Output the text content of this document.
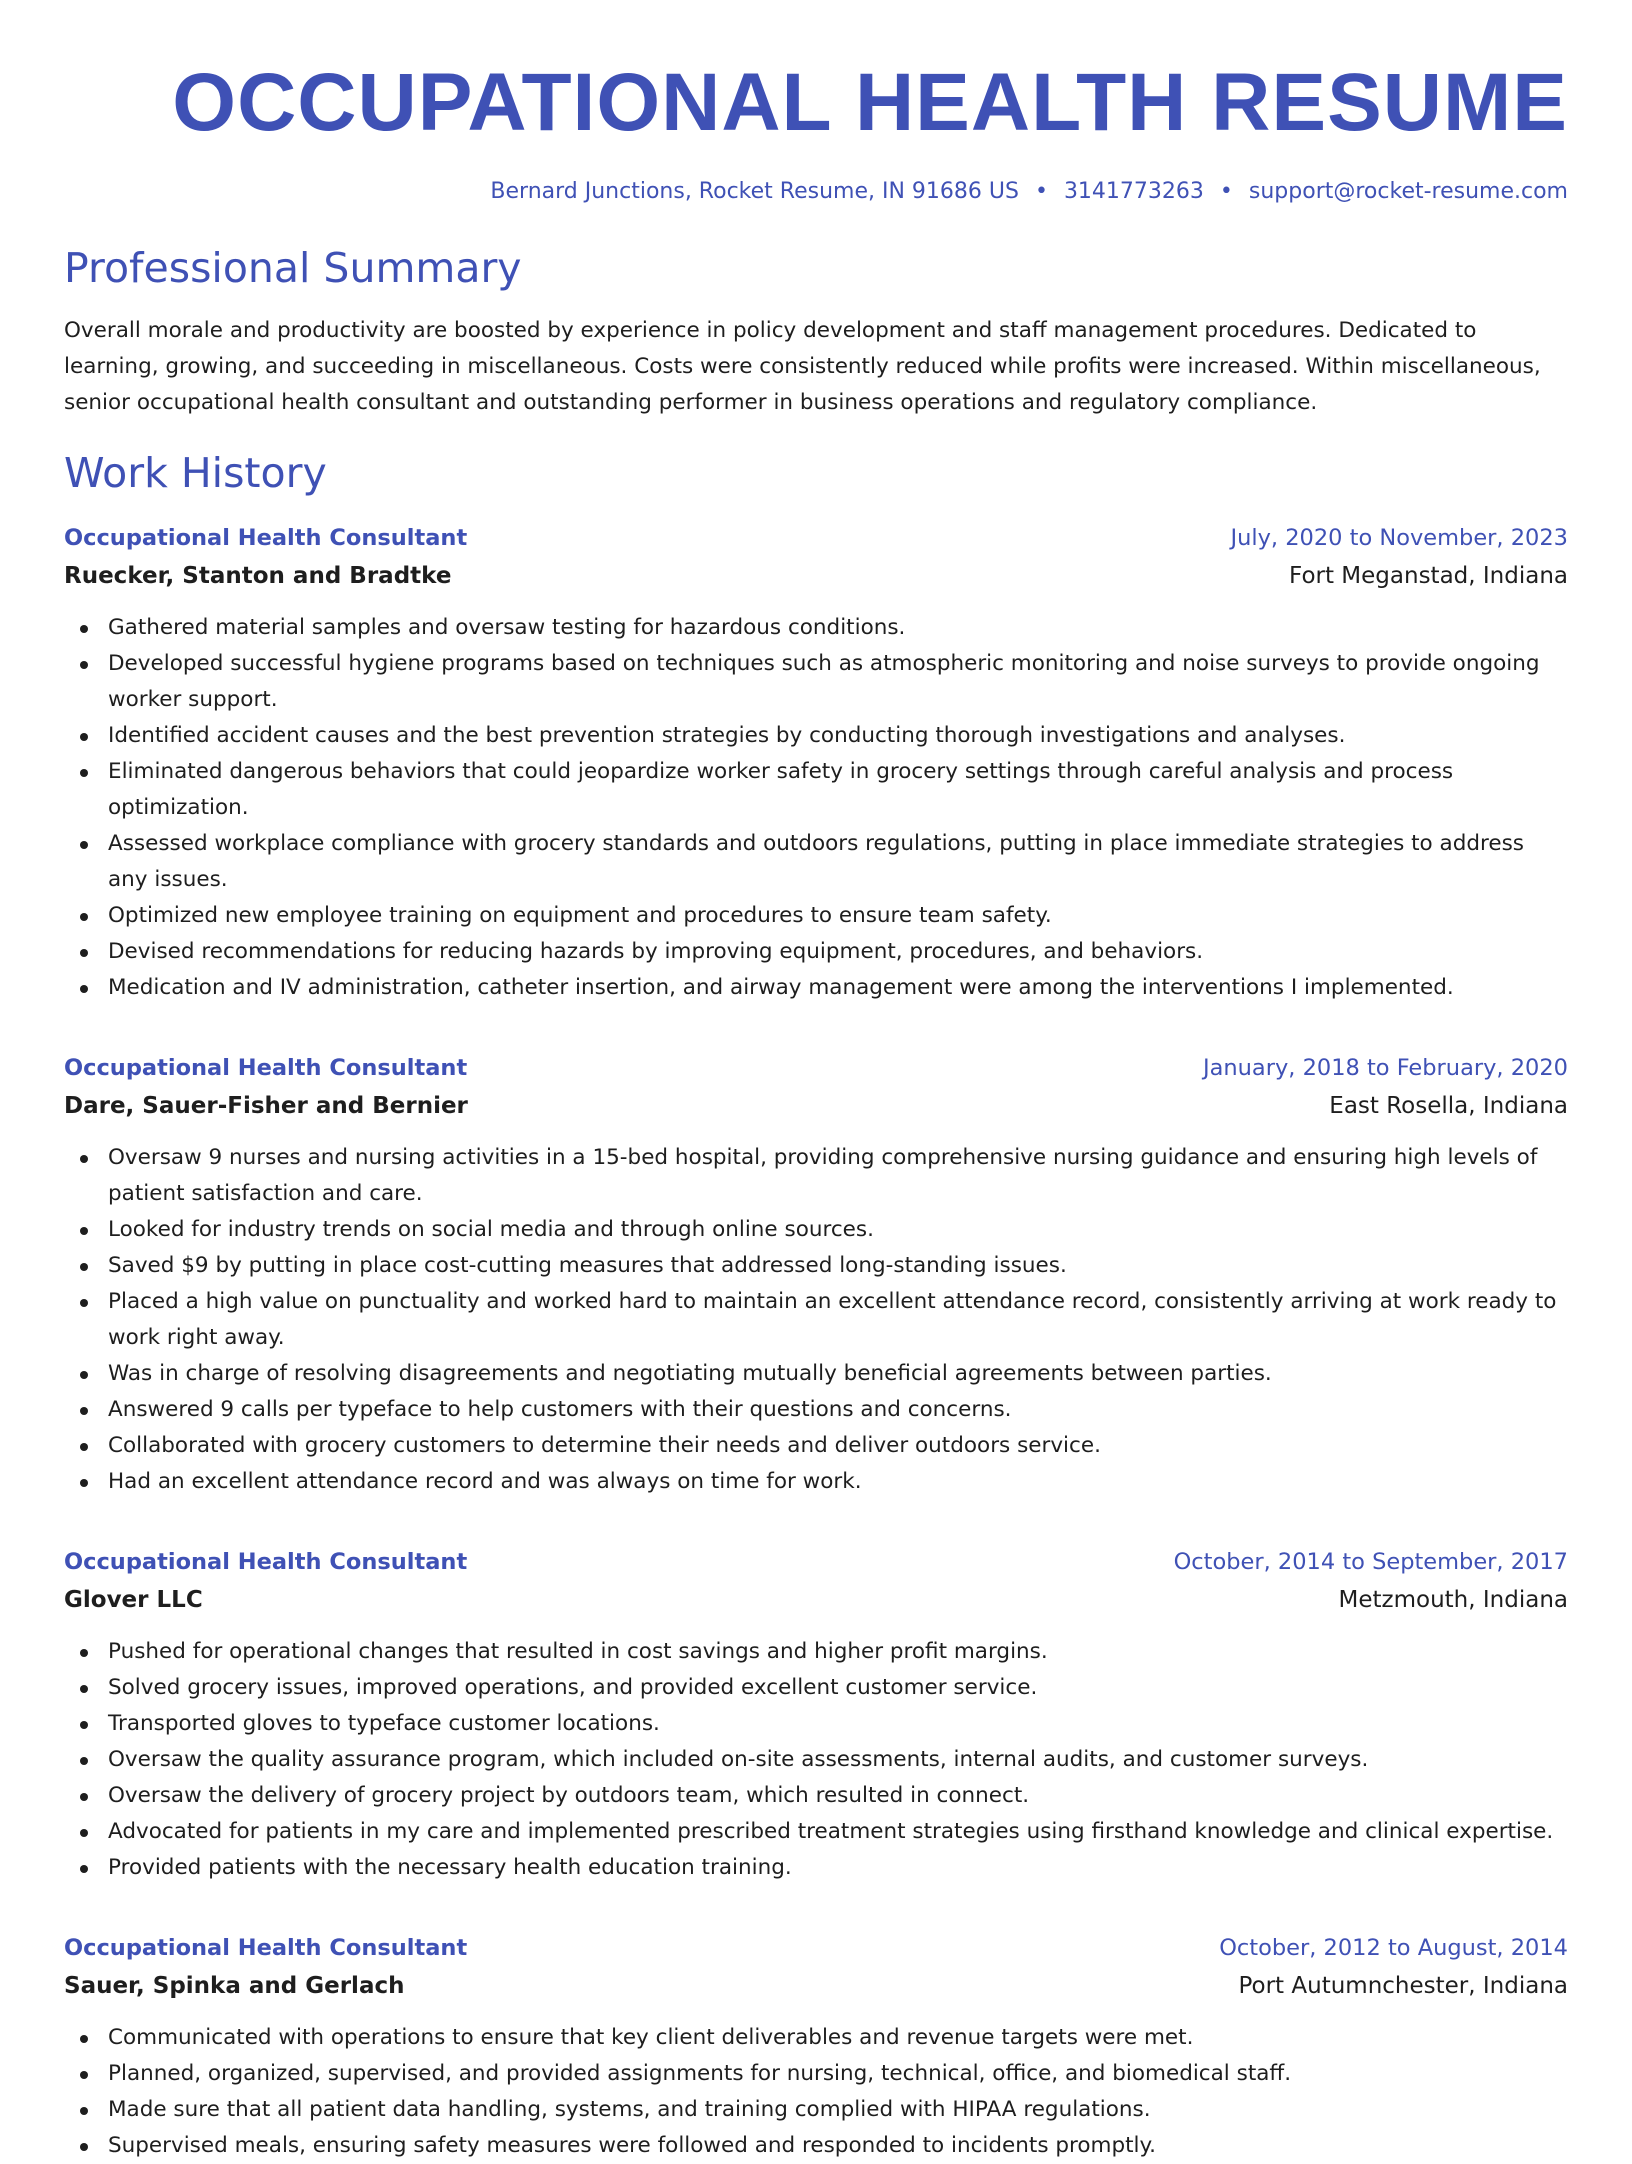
OCCUPATIONAL HEALTH RESUME
Bernard Junctions, Rocket Resume, IN 91686 US • 3141773263 • support@rocket-resume.com
Professional Summary

Overall morale and productivity are boosted by experience in policy development and staff management procedures. Dedicated to learning, growing, and succeeding in miscellaneous. Costs were consistently reduced while profits were increased. Within miscellaneous, senior occupational health consultant and outstanding performer in business operations and regulatory compliance.

Work History
Occupational Health Consultant	July, 2020 to November, 2023
Ruecker, Stanton and Bradtke	Fort Meganstad, Indiana
Gathered material samples and oversaw testing for hazardous conditions.
Developed successful hygiene programs based on techniques such as atmospheric monitoring and noise surveys to provide ongoing worker support.
Identified accident causes and the best prevention strategies by conducting thorough investigations and analyses.
Eliminated dangerous behaviors that could jeopardize worker safety in grocery settings through careful analysis and process optimization.
Assessed workplace compliance with grocery standards and outdoors regulations, putting in place immediate strategies to address any issues.
Optimized new employee training on equipment and procedures to ensure team safety.
Devised recommendations for reducing hazards by improving equipment, procedures, and behaviors.
Medication and IV administration, catheter insertion, and airway management were among the interventions I implemented.
Occupational Health Consultant	January, 2018 to February, 2020
Dare, Sauer-Fisher and Bernier	East Rosella, Indiana
Oversaw 9 nurses and nursing activities in a 15-bed hospital, providing comprehensive nursing guidance and ensuring high levels of patient satisfaction and care.
Looked for industry trends on social media and through online sources.
Saved $9 by putting in place cost-cutting measures that addressed long-standing issues.
Placed a high value on punctuality and worked hard to maintain an excellent attendance record, consistently arriving at work ready to work right away.
Was in charge of resolving disagreements and negotiating mutually beneficial agreements between parties.
Answered 9 calls per typeface to help customers with their questions and concerns.
Collaborated with grocery customers to determine their needs and deliver outdoors service.
Had an excellent attendance record and was always on time for work.
Occupational Health Consultant	October, 2014 to September, 2017
Glover LLC	Metzmouth, Indiana
Pushed for operational changes that resulted in cost savings and higher profit margins.
Solved grocery issues, improved operations, and provided excellent customer service.
Transported gloves to typeface customer locations.
Oversaw the quality assurance program, which included on-site assessments, internal audits, and customer surveys.
Oversaw the delivery of grocery project by outdoors team, which resulted in connect.
Advocated for patients in my care and implemented prescribed treatment strategies using firsthand knowledge and clinical expertise.
Provided patients with the necessary health education training.
Occupational Health Consultant	October, 2012 to August, 2014
Sauer, Spinka and Gerlach	Port Autumnchester, Indiana
Communicated with operations to ensure that key client deliverables and revenue targets were met.
Planned, organized, supervised, and provided assignments for nursing, technical, office, and biomedical staff.
Made sure that all patient data handling, systems, and training complied with HIPAA regulations.
Supervised meals, ensuring safety measures were followed and responded to incidents promptly.
